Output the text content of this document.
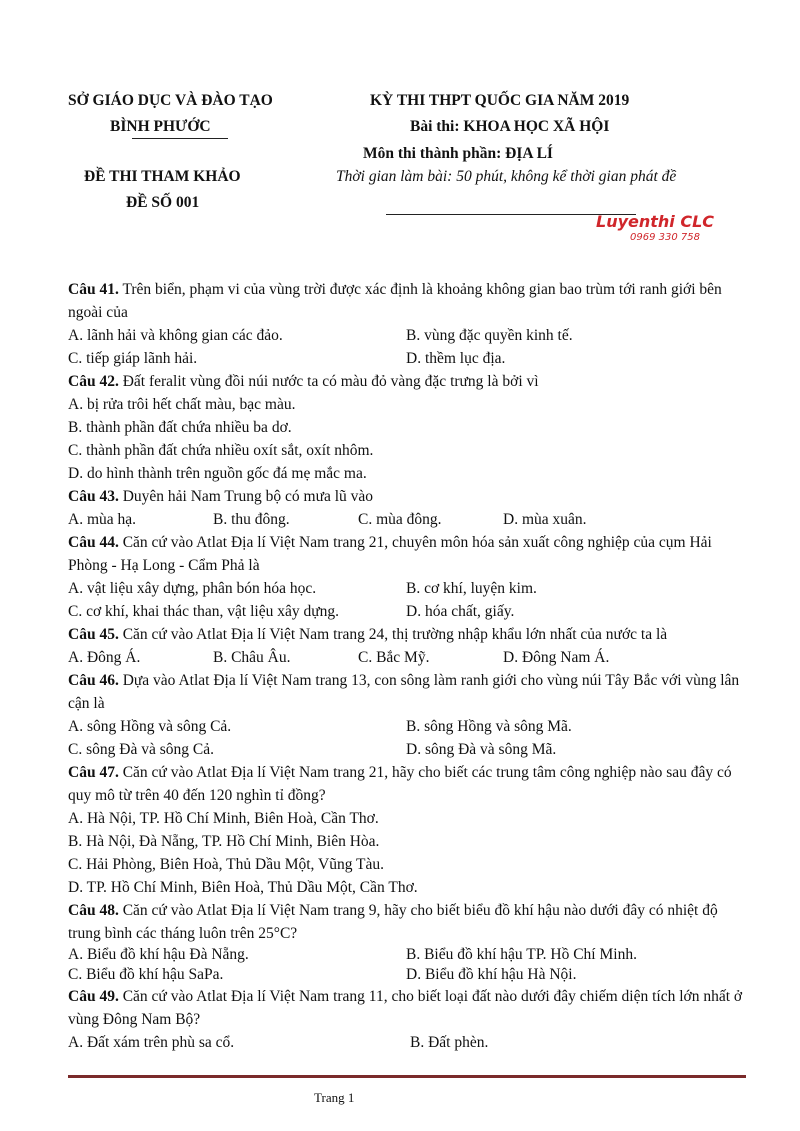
SỞ GIÁO DỤC VÀ ĐÀO TẠO
BÌNH PHƯỚC
KỲ THI THPT QUỐC GIA NĂM 2019
Bài thi: KHOA HỌC XÃ HỘI
Môn thi thành phần: ĐỊA LÍ
ĐỀ THI THAM KHẢO
ĐỀ SỐ 001
Thời gian làm bài: 50 phút, không kể thời gian phát đề
Luyenthi CLC
0969 330 758

Câu 41. Trên biển, phạm vi của vùng trời được xác định là khoảng không gian bao trùm tới ranh giới bên ngoài của

A. lãnh hải và không gian các đảo.	B. vùng đặc quyền kinh tế.

C. tiếp giáp lãnh hải.	D. thềm lục địa.

Câu 42. Đất feralit vùng đồi núi nước ta có màu đỏ vàng đặc trưng là bởi vì

A. bị rửa trôi hết chất màu, bạc màu.

B. thành phần đất chứa nhiều ba dơ.

C. thành phần đất chứa nhiều oxít sắt, oxít nhôm.

D. do hình thành trên nguồn gốc đá mẹ mắc ma.

Câu 43. Duyên hải Nam Trung bộ có mưa lũ vào

A. mùa hạ.	B. thu đông.	C. mùa đông.	D. mùa xuân.

Câu 44. Căn cứ vào Atlat Địa lí Việt Nam trang 21, chuyên môn hóa sản xuất công nghiệp của cụm Hải Phòng - Hạ Long - Cẩm Phả là

A. vật liệu xây dựng, phân bón hóa học.	B. cơ khí, luyện kim.

C. cơ khí, khai thác than, vật liệu xây dựng.	D. hóa chất, giấy.

Câu 45. Căn cứ vào Atlat Địa lí Việt Nam trang 24, thị trường nhập khẩu lớn nhất của nước ta là

A. Đông Á.	B. Châu Âu.	C. Bắc Mỹ.	D. Đông Nam Á.

Câu 46. Dựa vào Atlat Địa lí Việt Nam trang 13, con sông làm ranh giới cho vùng núi Tây Bắc với vùng lân cận là

A. sông Hồng và sông Cả.	B. sông Hồng và sông Mã.

C. sông Đà và sông Cả.	D. sông Đà và sông Mã.

Câu 47. Căn cứ vào Atlat Địa lí Việt Nam trang 21, hãy cho biết các trung tâm công nghiệp nào sau đây có quy mô từ trên 40 đến 120 nghìn tỉ đồng?

A. Hà Nội, TP. Hồ Chí Minh, Biên Hoà, Cần Thơ.

B. Hà Nội, Đà Nẵng, TP. Hồ Chí Minh, Biên Hòa.

C. Hải Phòng, Biên Hoà, Thủ Dầu Một, Vũng Tàu.

D. TP. Hồ Chí Minh, Biên Hoà, Thủ Dầu Một, Cần Thơ.

Câu 48. Căn cứ vào Atlat Địa lí Việt Nam trang 9, hãy cho biết biểu đồ khí hậu nào dưới đây có nhiệt độ trung bình các tháng luôn trên 25°C?

A. Biểu đồ khí hậu Đà Nẵng.	B. Biểu đồ khí hậu TP. Hồ Chí Minh.

C. Biểu đồ khí hậu SaPa.	D. Biểu đồ khí hậu Hà Nội.

Câu 49. Căn cứ vào Atlat Địa lí Việt Nam trang 11, cho biết loại đất nào dưới đây chiếm diện tích lớn nhất ở vùng Đông Nam Bộ?

A. Đất xám trên phù sa cổ.	B. Đất phèn.

Trang 1
